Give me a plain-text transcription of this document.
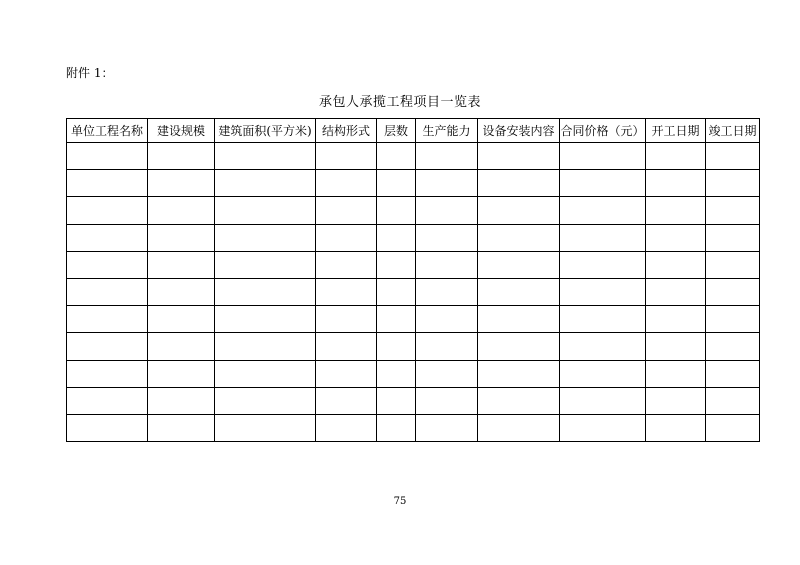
附件 1：
承包人承揽工程项目一览表
单位工程名称	建设规模	建筑面积(平方米)	结构形式	层数	生产能力	设备安装内容	合同价格（元）	开工日期	竣工日期

75
